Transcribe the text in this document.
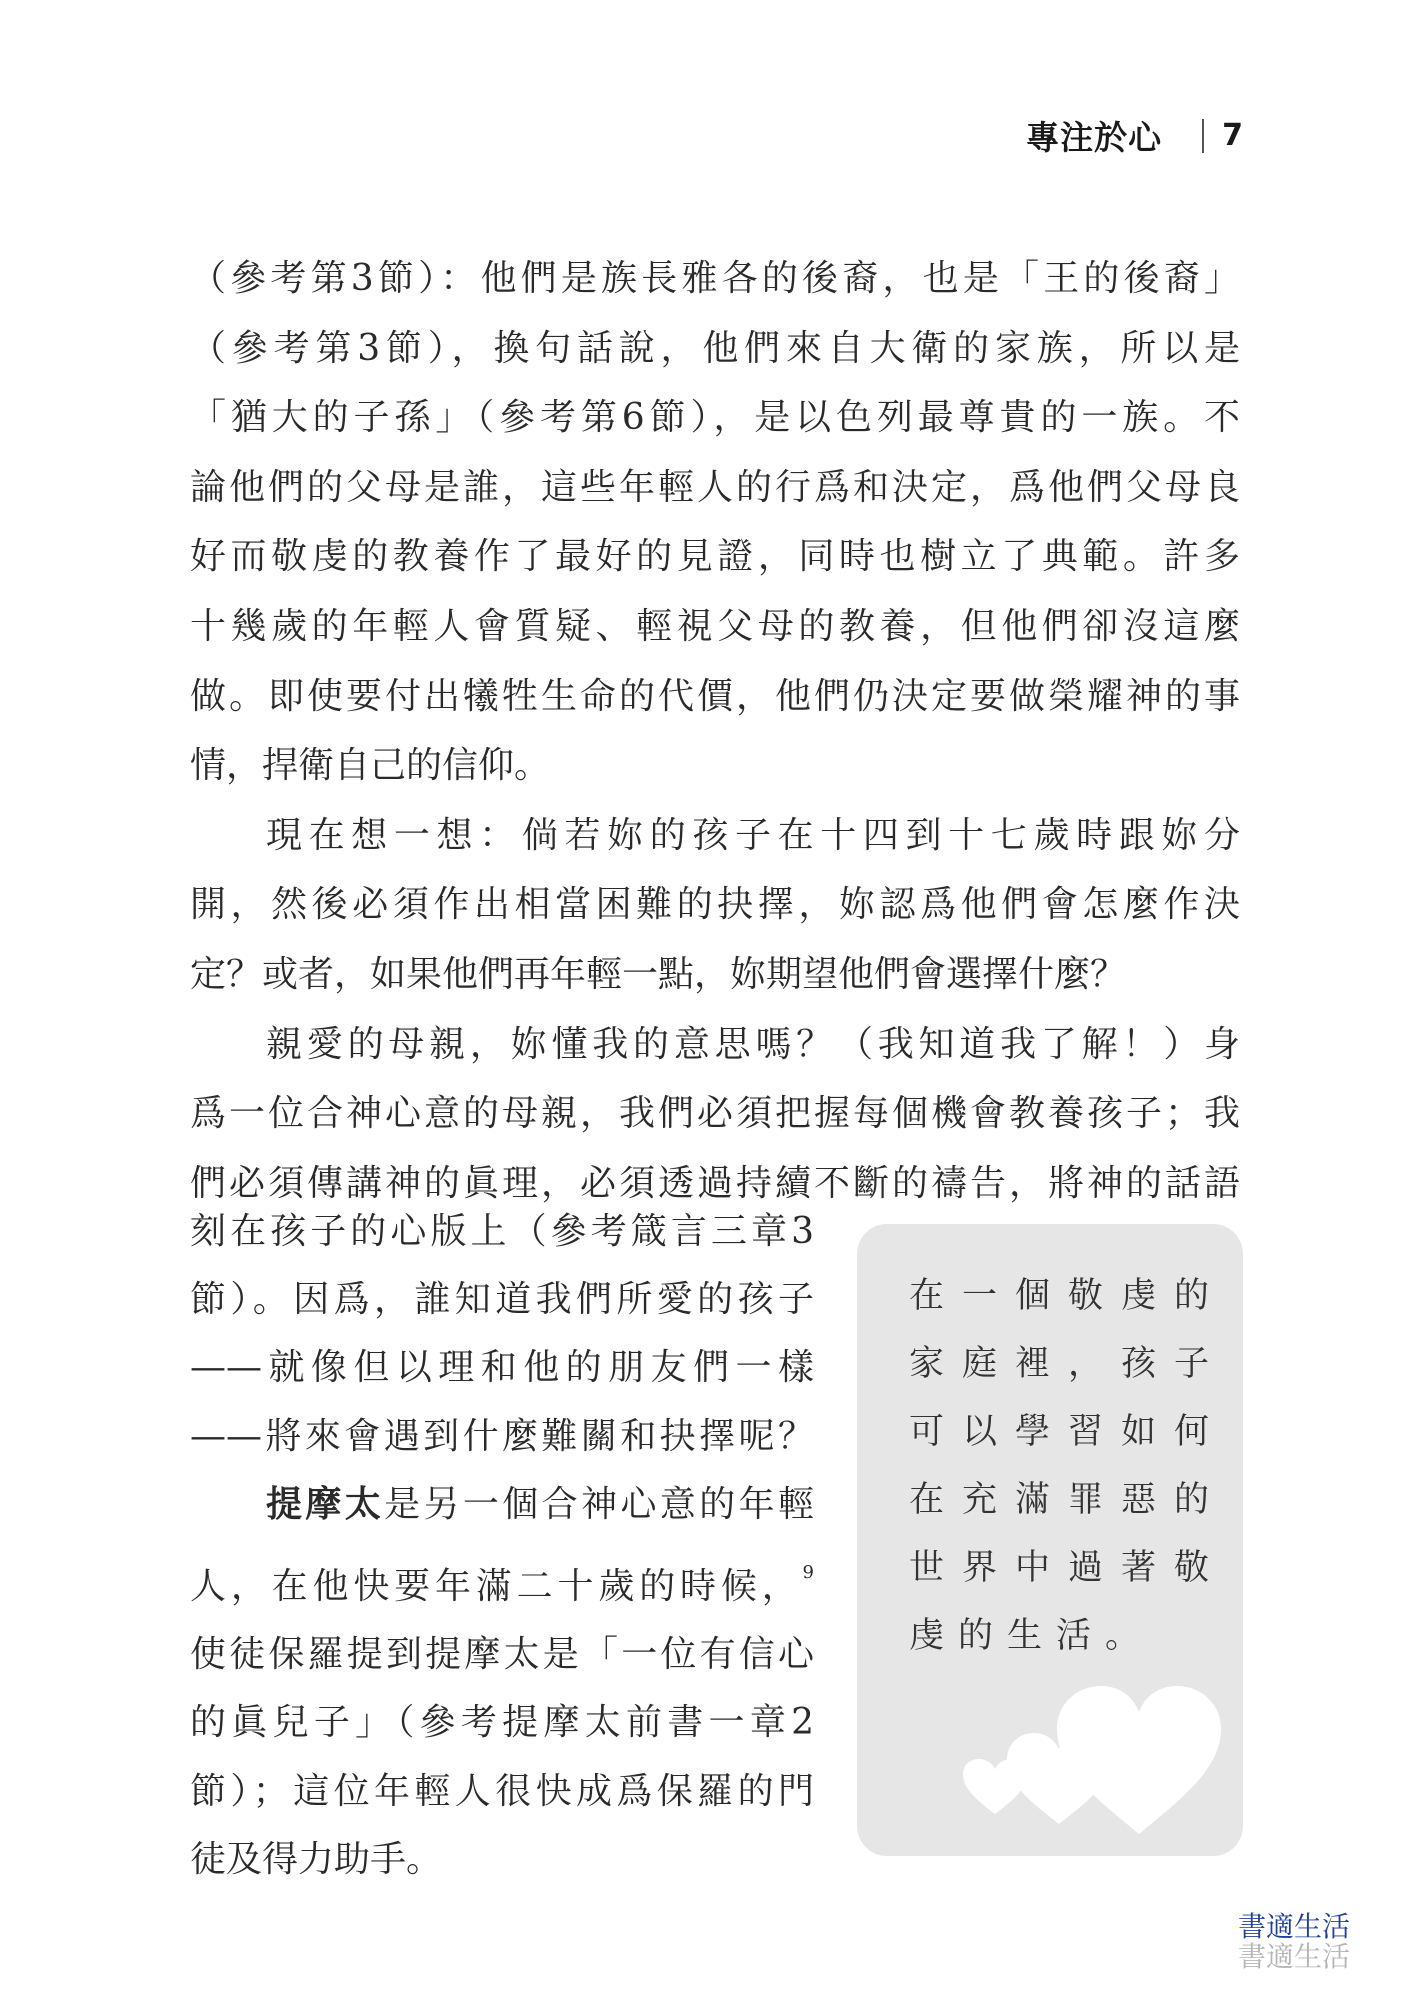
專注於心 7

（參考第3節）：他們是族長雅各的後裔，也是「王的後裔」
（參考第3節），換句話說，他們來自大衛的家族，所以是
「猶大的子孫」（參考第6節），是以色列最尊貴的一族。不
論他們的父母是誰，這些年輕人的行爲和決定，爲他們父母良
好而敬虔的教養作了最好的見證，同時也樹立了典範。許多
十幾歲的年輕人會質疑、輕視父母的教養，但他們卻沒這麼
做。即使要付出犧牲生命的代價，他們仍決定要做榮耀神的事
情，捍衛自己的信仰。

現在想一想：倘若妳的孩子在十四到十七歲時跟妳分
開，然後必須作出相當困難的抉擇，妳認爲他們會怎麼作決
定？或者，如果他們再年輕一點，妳期望他們會選擇什麼？

親愛的母親，妳懂我的意思嗎？（我知道我了解！）身
爲一位合神心意的母親，我們必須把握每個機會教養孩子；我
們必須傳講神的眞理，必須透過持續不斷的禱告，將神的話語

刻在孩子的心版上（參考箴言三章3
節）。因爲，誰知道我們所愛的孩子
——就像但以理和他的朋友們一樣
——將來會遇到什麼難關和抉擇呢？

提摩太是另一個合神心意的年輕
人，在他快要年滿二十歲的時候，$^9$
使徒保羅提到提摩太是「一位有信心
的眞兒子」（參考提摩太前書一章2
節）；這位年輕人很快成爲保羅的門
徒及得力助手。

在一個敬虔的
家庭裡，孩子
可以學習如何
在充滿罪惡的
世界中過著敬
虔的生活。
書適生活
書適生活
